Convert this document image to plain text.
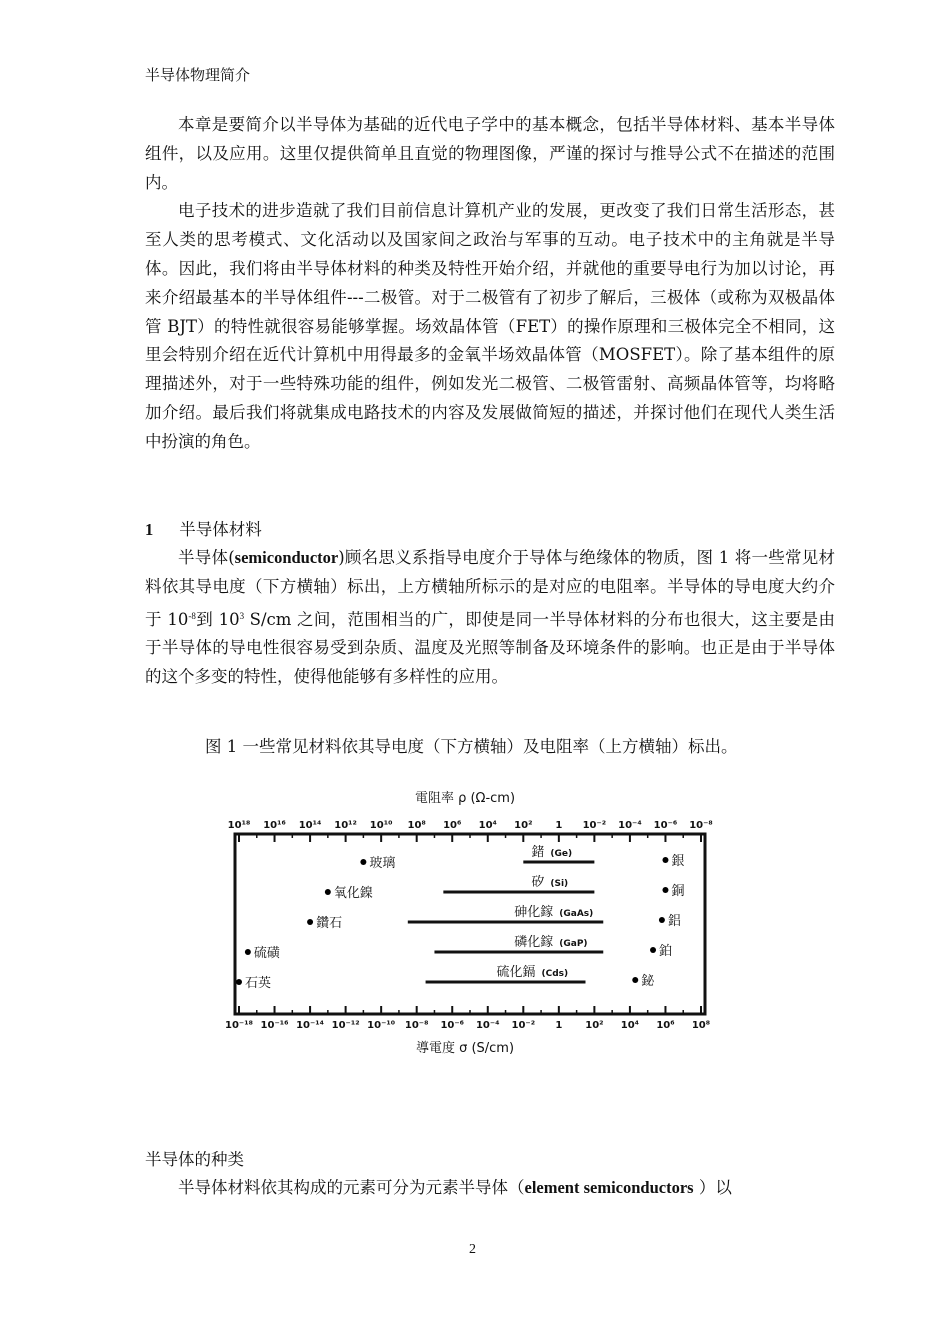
半导体物理简介

本章是要简介以半导体为基础的近代电子学中的基本概念，包括半导体材料、基本半导体组件，以及应用。这里仅提供简单且直觉的物理图像，严谨的探讨与推导公式不在描述的范围内。

电子技术的进步造就了我们目前信息计算机产业的发展，更改变了我们日常生活形态，甚至人类的思考模式、文化活动以及国家间之政治与军事的互动。电子技术中的主角就是半导体。因此，我们将由半导体材料的种类及特性开始介绍，并就他的重要导电行为加以讨论，再来介绍最基本的半导体组件---二极管。对于二极管有了初步了解后，三极体（或称为双极晶体管 BJT）的特性就很容易能够掌握。场效晶体管（FET）的操作原理和三极体完全不相同，这里会特别介绍在近代计算机中用得最多的金氧半场效晶体管（MOSFET）。除了基本组件的原理描述外，对于一些特殊功能的组件，例如发光二极管、二极管雷射、高频晶体管等，均将略加介绍。最后我们将就集成电路技术的内容及发展做简短的描述，并探讨他们在现代人类生活中扮演的角色。

1 半导体材料

半导体(semiconductor)顾名思义系指导电度介于导体与绝缘体的物质，图 1 将一些常见材料依其导电度（下方横轴）标出，上方横轴所标示的是对应的电阻率。半导体的导电度大约介于 $10^{-8}$到 $10^3$ S/cm 之间，范围相当的广，即使是同一半导体材料的分布也很大，这主要是由于半导体的导电性很容易受到杂质、温度及光照等制备及环境条件的影响。也正是由于半导体的这个多变的特性，使得他能够有多样性的应用。

图 1 一些常见材料依其导电度（下方横轴）及电阻率（上方横轴）标出。
電阻率 ρ (Ω-cm)
導電度 σ (S/cm)
10¹⁸
10⁻¹⁸
10¹⁶
10⁻¹⁶
10¹⁴
10⁻¹⁴
10¹²
10⁻¹²
10¹⁰
10⁻¹⁰
10⁸
10⁻⁸
10⁶
10⁻⁶
10⁴
10⁻⁴
10²
10⁻²
1
1
10⁻²
10²
10⁻⁴
10⁴
10⁻⁶
10⁶
10⁻⁸
10⁸
鍺 (Ge)
矽 (Si)
砷化鎵 (GaAs)
磷化鎵 (GaP)
硫化鎘 (Cds)
玻璃
氧化鎳
鑽石
硫磺
石英
銀
銅
鋁
鉑
鉍
半导体的种类

半导体材料依其构成的元素可分为元素半导体（element semiconductors ）以

2
